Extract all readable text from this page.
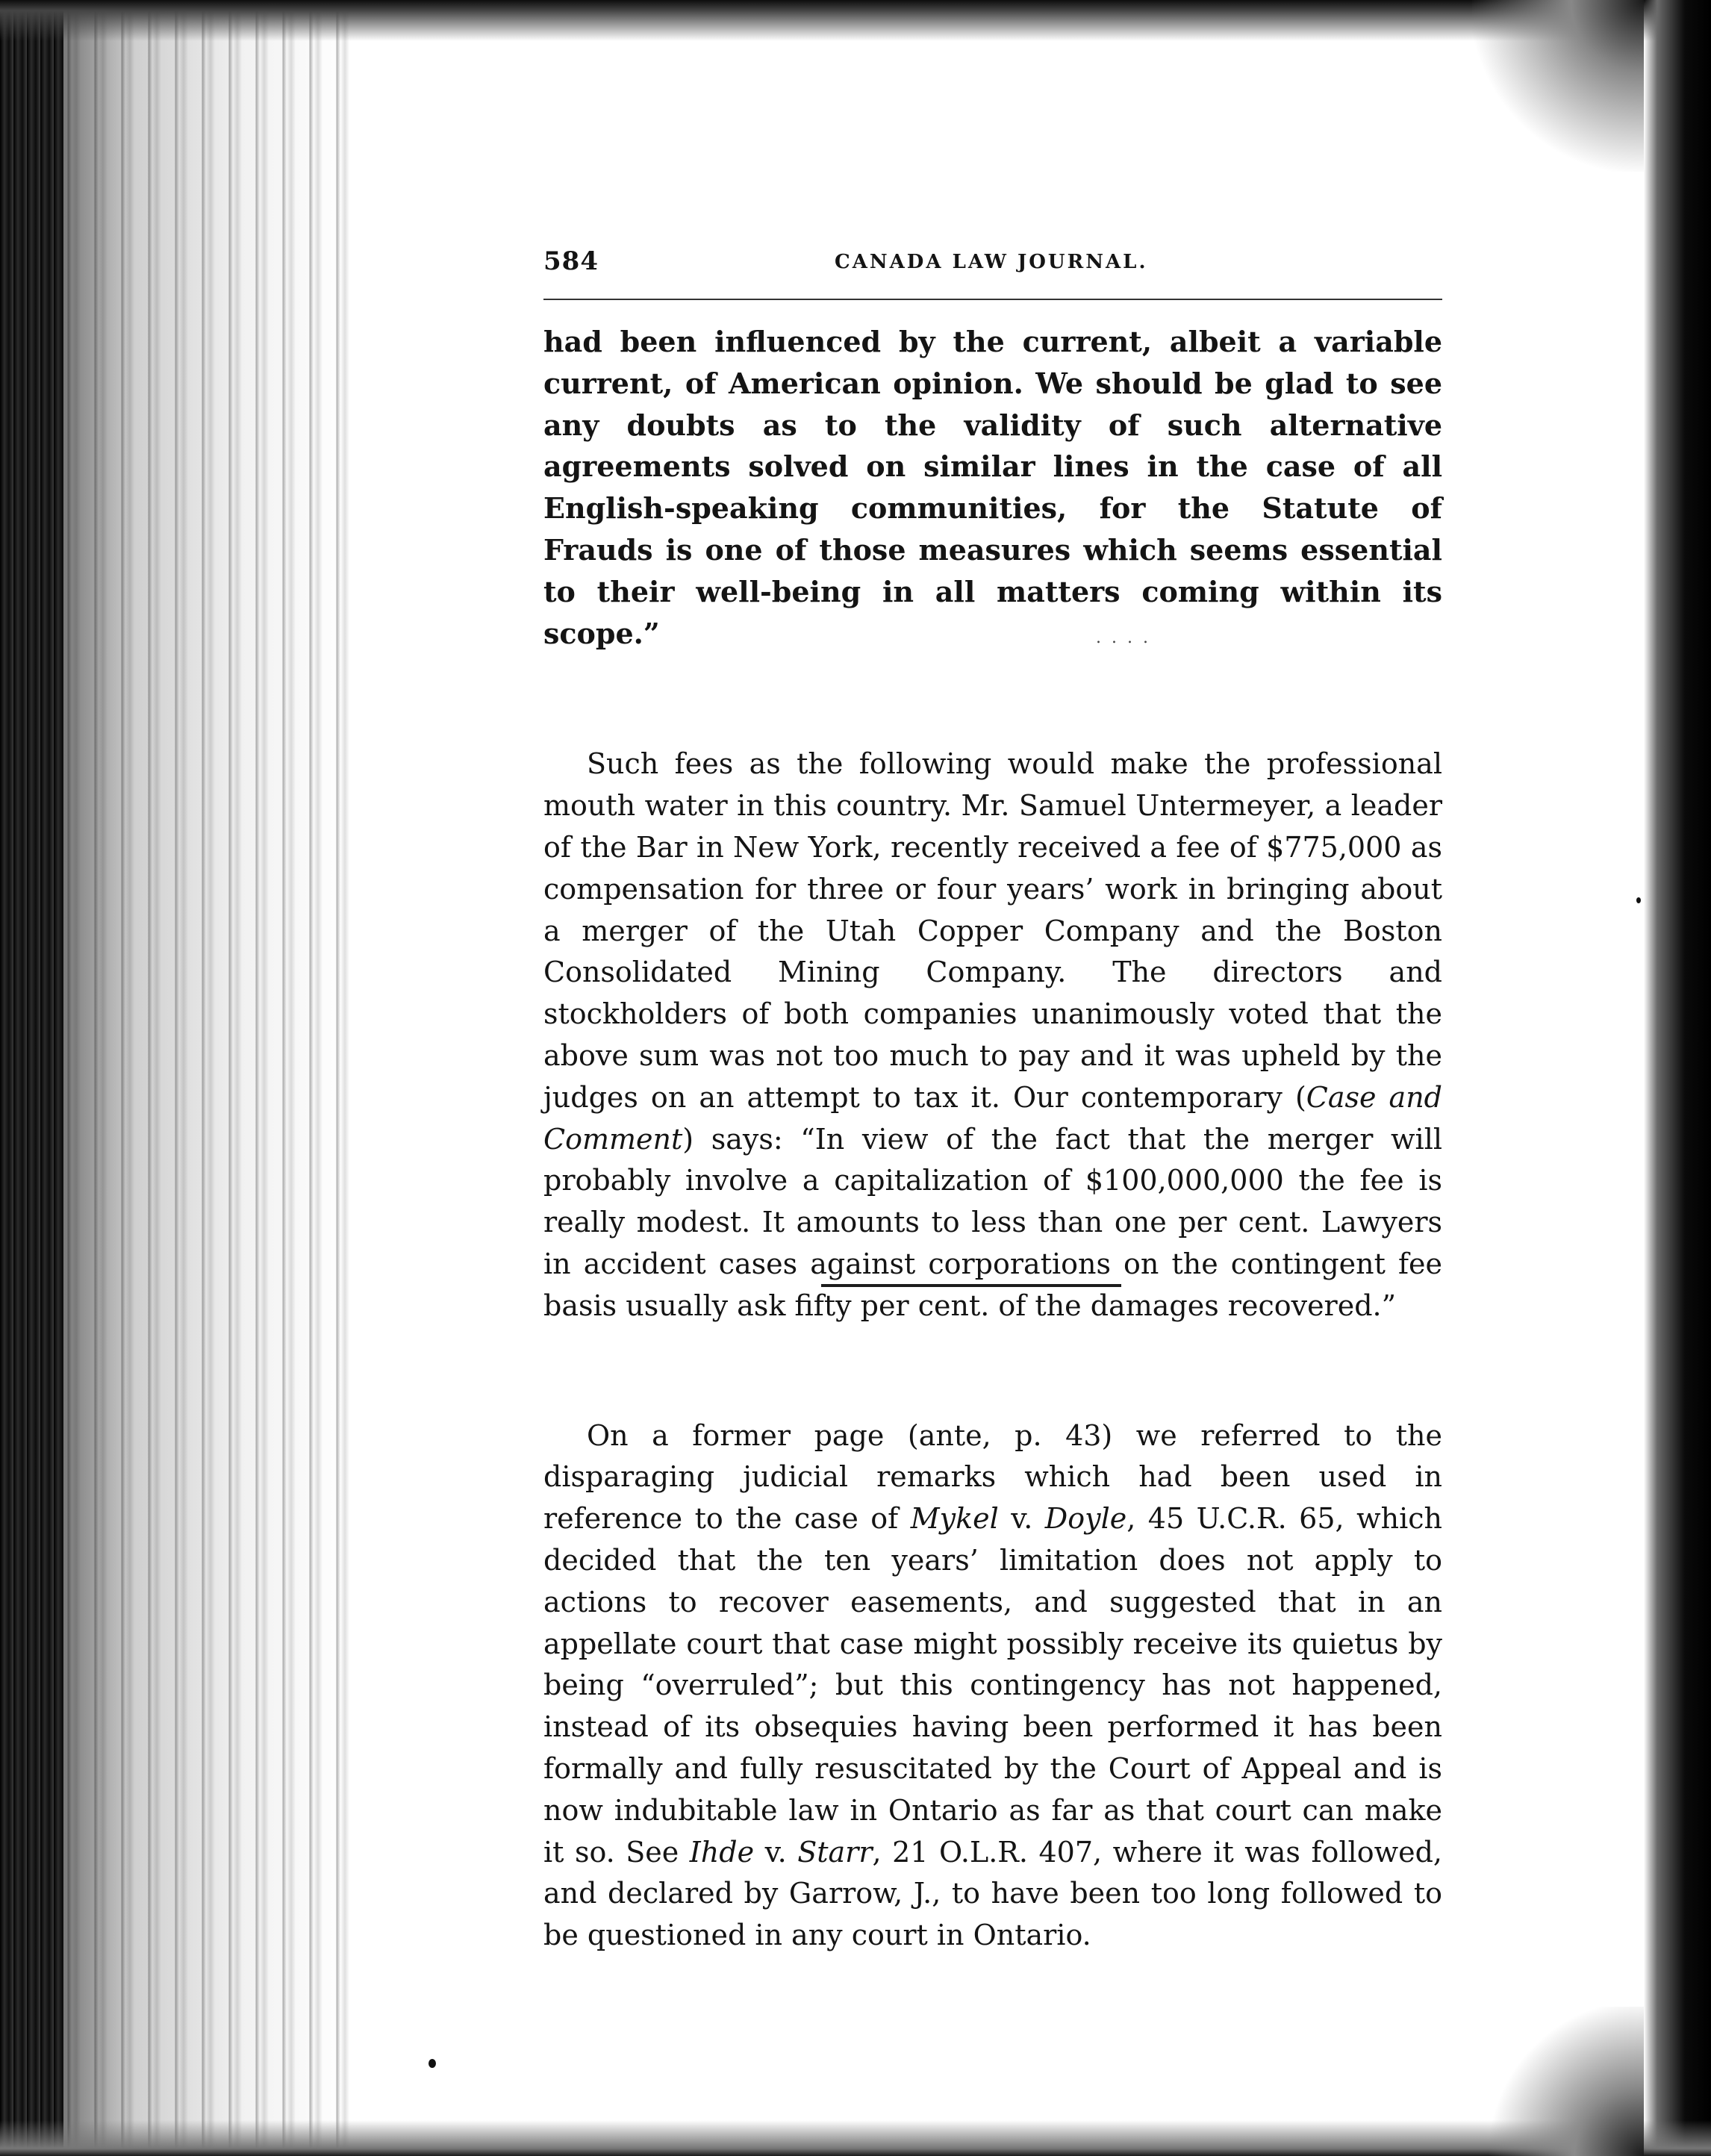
....
584	CANADA LAW JOURNAL.

had been influenced by the current, albeit a variable current, of American opinion. We should be glad to see any doubts as to the validity of such alternative agreements solved on similar lines in the case of all English-speaking communities, for the Statute of Frauds is one of those measures which seems essential to their well-being in all matters coming within its scope.”

Such fees as the following would make the professional mouth water in this country. Mr. Samuel Untermeyer, a leader of the Bar in New York, recently received a fee of $775,000 as compensation for three or four years’ work in bringing about a merger of the Utah Copper Company and the Boston Consolidated Mining Company. The directors and stockholders of both companies unanimously voted that the above sum was not too much to pay and it was upheld by the judges on an attempt to tax it. Our contemporary (Case and Comment) says: “In view of the fact that the merger will probably involve a capitalization of $100,000,000 the fee is really modest. It amounts to less than one per cent. Lawyers in accident cases against corporations on the contingent fee basis usually ask fifty per cent. of the damages recovered.”

On a former page (ante, p. 43) we referred to the disparaging judicial remarks which had been used in reference to the case of Mykel v. Doyle, 45 U.C.R. 65, which decided that the ten years’ limitation does not apply to actions to recover easements, and suggested that in an appellate court that case might possibly receive its quietus by being “overruled”; but this contingency has not happened, instead of its obsequies having been performed it has been formally and fully resuscitated by the Court of Appeal and is now indubitable law in Ontario as far as that court can make it so. See Ihde v. Starr, 21 O.L.R. 407, where it was followed, and declared by Garrow, J., to have been too long followed to be questioned in any court in Ontario.
